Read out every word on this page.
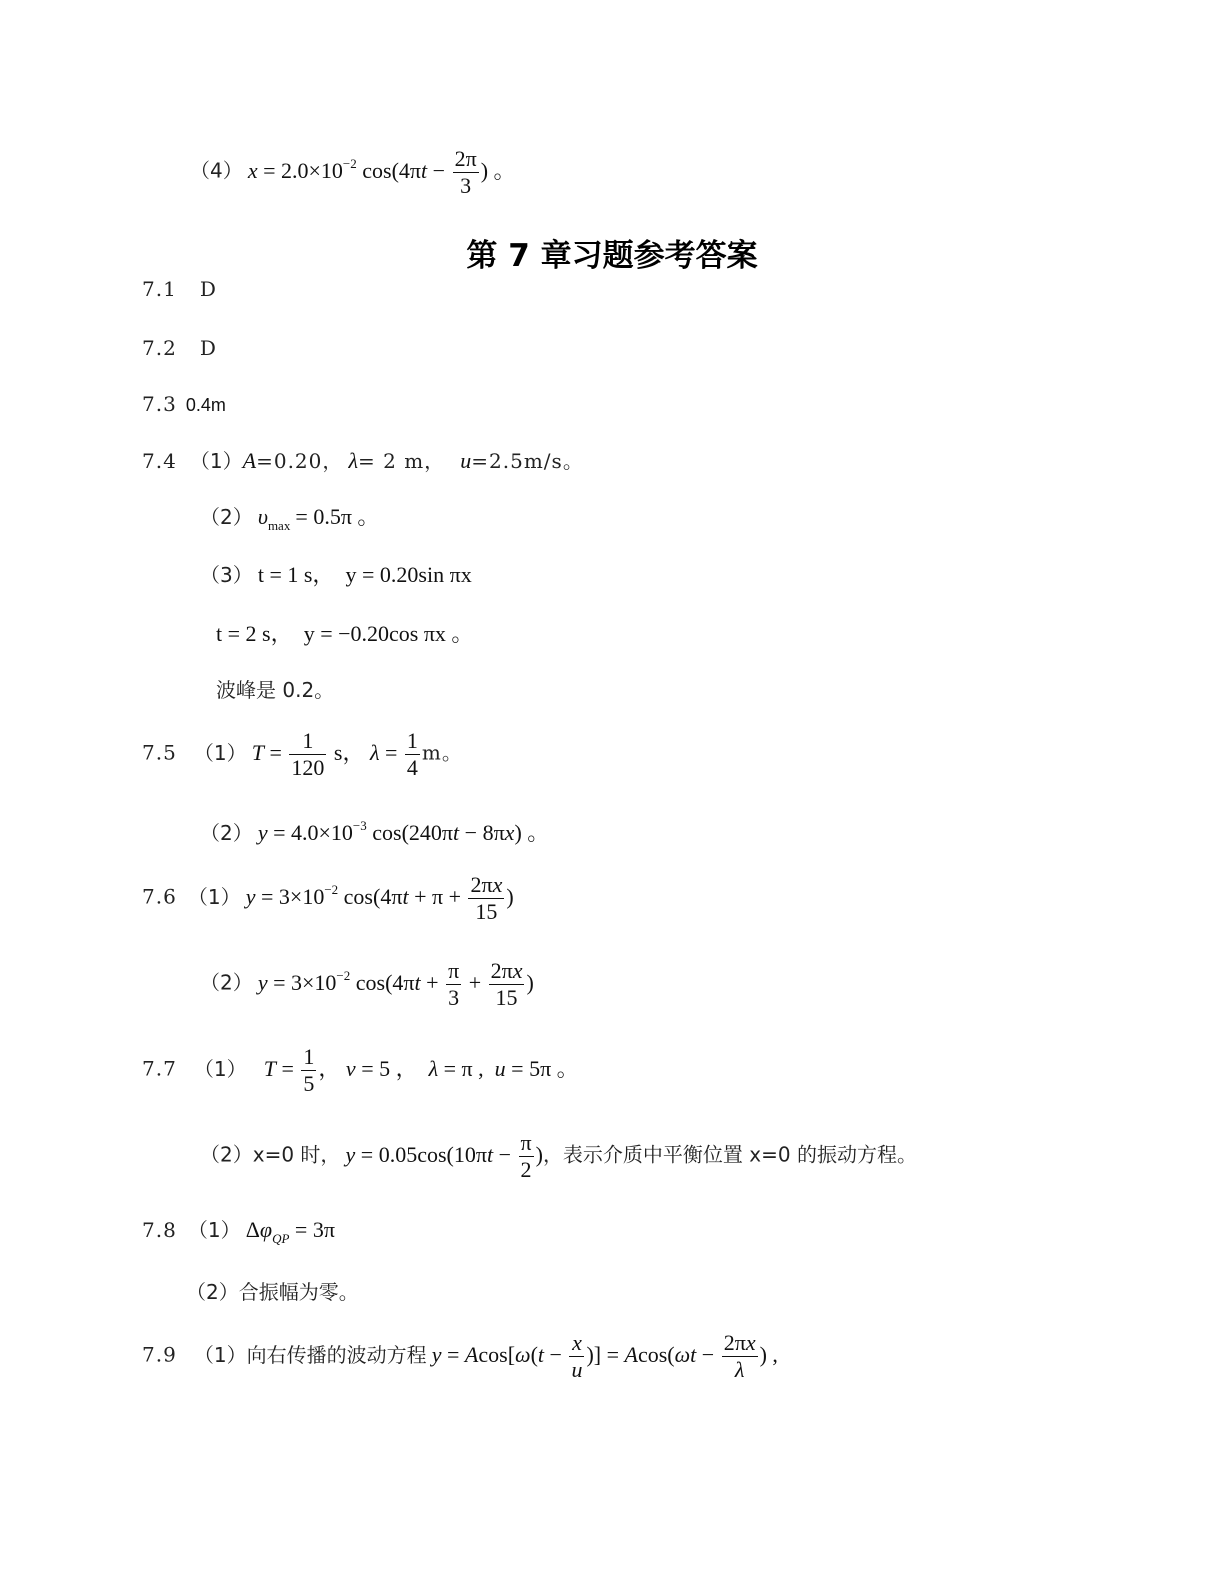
（4） $x = 2.0\times 10^{-2}$ $\cos(4\pi t - \frac{2\pi}{3}$ ) 。
第 7 章习题参考答案
7.1 D
7.2 D
7.3 0.4m
7.4 （1）A=0.20， λ= 2 m， u=2.5m/s。
（2） $\upsilon_{max} = 0.5\pi$ 。
（3） t = 1 s， y = 0.20sin πx
t = 2 s， y = −0.20cos πx 。
波峰是 0.2。
7.5 （1） $T = \frac{1}{120}$ s， $\lambda = \frac{1}{4}$ m。
（2） $y = 4.0\times 10^{-3}$ cos(240πt − 8πx) 。
7.6 （1） $y = 3\times 10^{-2}$ $\cos(4\pi t + \pi + \frac{2\pi x}{15}$ )
（2） $y = 3\times 10^{-2}$ $\cos(4\pi t + \frac{\pi}{3} + \frac{2\pi x}{15}$ )
7.7 （1） $T = \frac{1}{5}$ ， ν = 5 ，  λ = π ,  u = 5π 。
（2）x=0 时， $y = 0.05\cos(10\pi t - \frac{\pi}{2}$ )，表示介质中平衡位置 x=0 的振动方程。
7.8 （1） $\Delta\varphi_{QP} = 3\pi$
（2）合振幅为零。
7.9 （1）向右传播的波动方程 $y = Acos[\omega(t - \frac{x}{u}$ )] = $Acos(\omega t - \frac{2\pi x}{\lambda}$ ) ,
